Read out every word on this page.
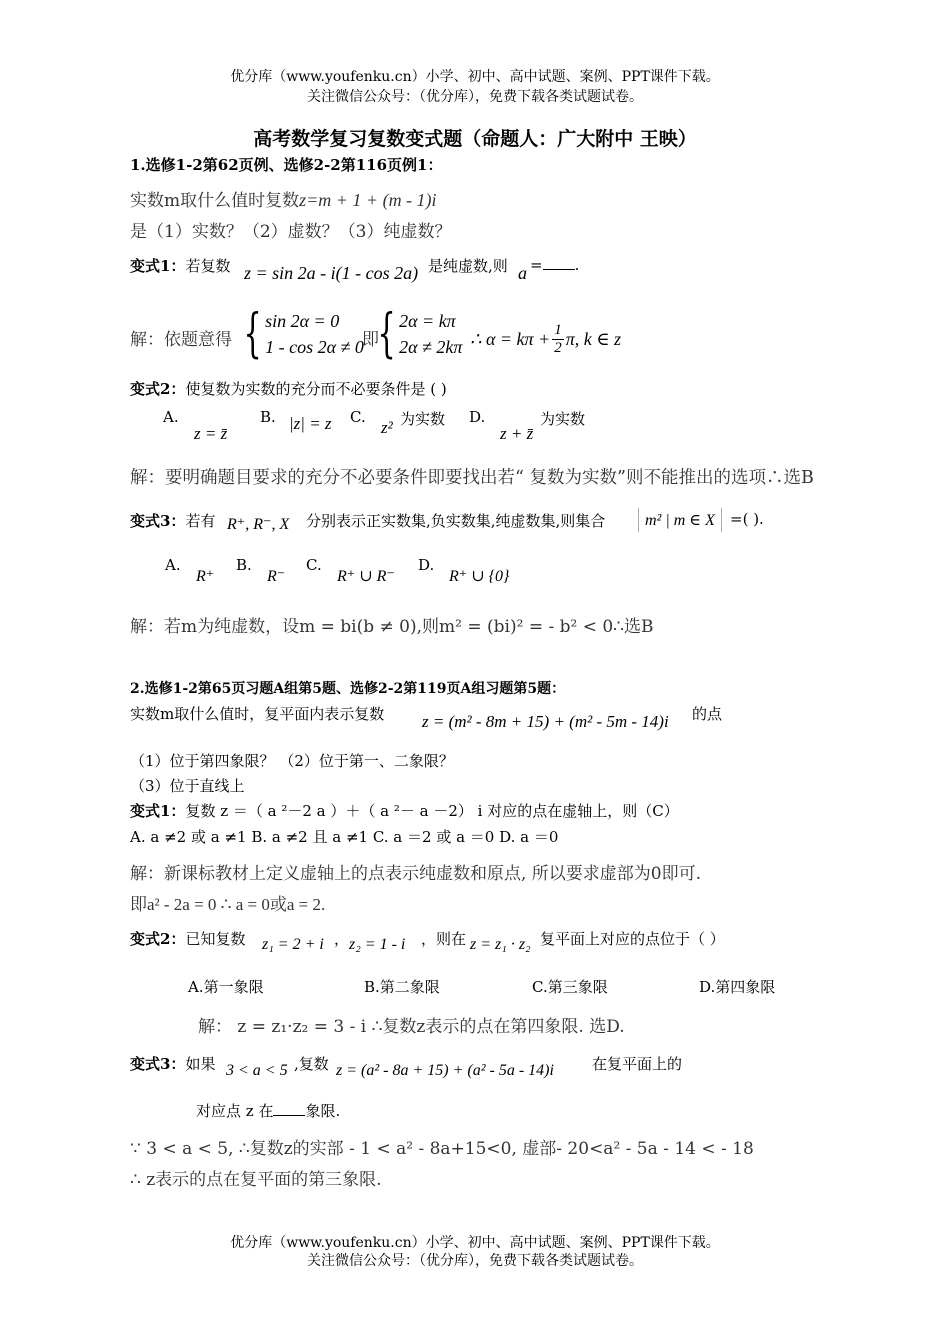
优分库（www.youfenku.cn）小学、初中、高中试题、案例、PPT课件下载。
关注微信公众号：（优分库），免费下载各类试题试卷。
高考数学复习复数变式题（命题人：广大附中 王映）
1.选修1-2第62页例、选修2-2第116页例1：
实数m取什么值时复数z=m + 1 + (m - 1)i
是（1）实数？（2）虚数？（3）纯虚数？
变式1：若复数 z = sin 2a - i(1 - cos 2a) 是纯虚数,则 a = .
解：依题意得 { sin 2α = 0
1 - cos 2α ≠ 0
即
{ 2α = kπ
2α ≠ 2kπ ∴ $\alpha = k\pi + \frac{1}{2} \pi$, k ∈ z
变式2：使复数为实数的充分而不必要条件是 ( )
A.
z = z̄
B. |z| = z C.
z² 为实数 D.
z + z̄
为实数
解：要明确题目要求的充分不必要条件即要找出若“ 复数为实数”则不能推出的选项∴选B
变式3：若有 R⁺, R⁻, X 分别表示正实数集,负实数集,纯虚数集,则集合	m² | m ∈ X	=( ).
A.
R⁺
B.
R⁻
C.
R⁺ ∪ R⁻
D.
R⁺ ∪ {0}
解：若m为纯虚数，设m = bi(b ≠ 0),则m² = (bi)² = - b² < 0∴选B
2.选修1-2第65页习题A组第5题、选修2-2第119页A组习题第5题：
实数m取什么值时，复平面内表示复数 z = (m² - 8m + 15) + (m² - 5m - 14)i 的点
（1）位于第四象限？ （2）位于第一、二象限？
（3）位于直线上
变式1：复数 z ＝（ a ²－2 a ）＋（ a ²－ a －2） i 对应的点在虚轴上，则（C）
A. a ≠2 或 a ≠1 B. a ≠2 且 a ≠1 C. a ＝2 或 a ＝0 D. a ＝0
解：新课标教材上定义虚轴上的点表示纯虚数和原点, 所以要求虚部为0即可.
即a² - 2a = 0 ∴ a = 0或a = 2.
变式2：已知复数 z₁ = 2 + i ， z₂ = 1 - i ，则在 z = z₁ · z₂ 复平面上对应的点位于（ ）
A.第一象限	B.第二象限	C.第三象限	D.第四象限
解： z = z₁·z₂ = 3 - i ∴复数z表示的点在第四象限. 选D.
变式3：如果 3 < a < 5 ,复数 z = (a² - 8a + 15) + (a² - 5a - 14)i	在复平面上的
对应点 z 在 象限.
∵ 3 < a < 5, ∴复数z的实部 - 1 < a² - 8a+15<0, 虚部- 20<a² - 5a - 14 < - 18
∴ z表示的点在复平面的第三象限.
优分库（www.youfenku.cn）小学、初中、高中试题、案例、PPT课件下载。
关注微信公众号：（优分库），免费下载各类试题试卷。
